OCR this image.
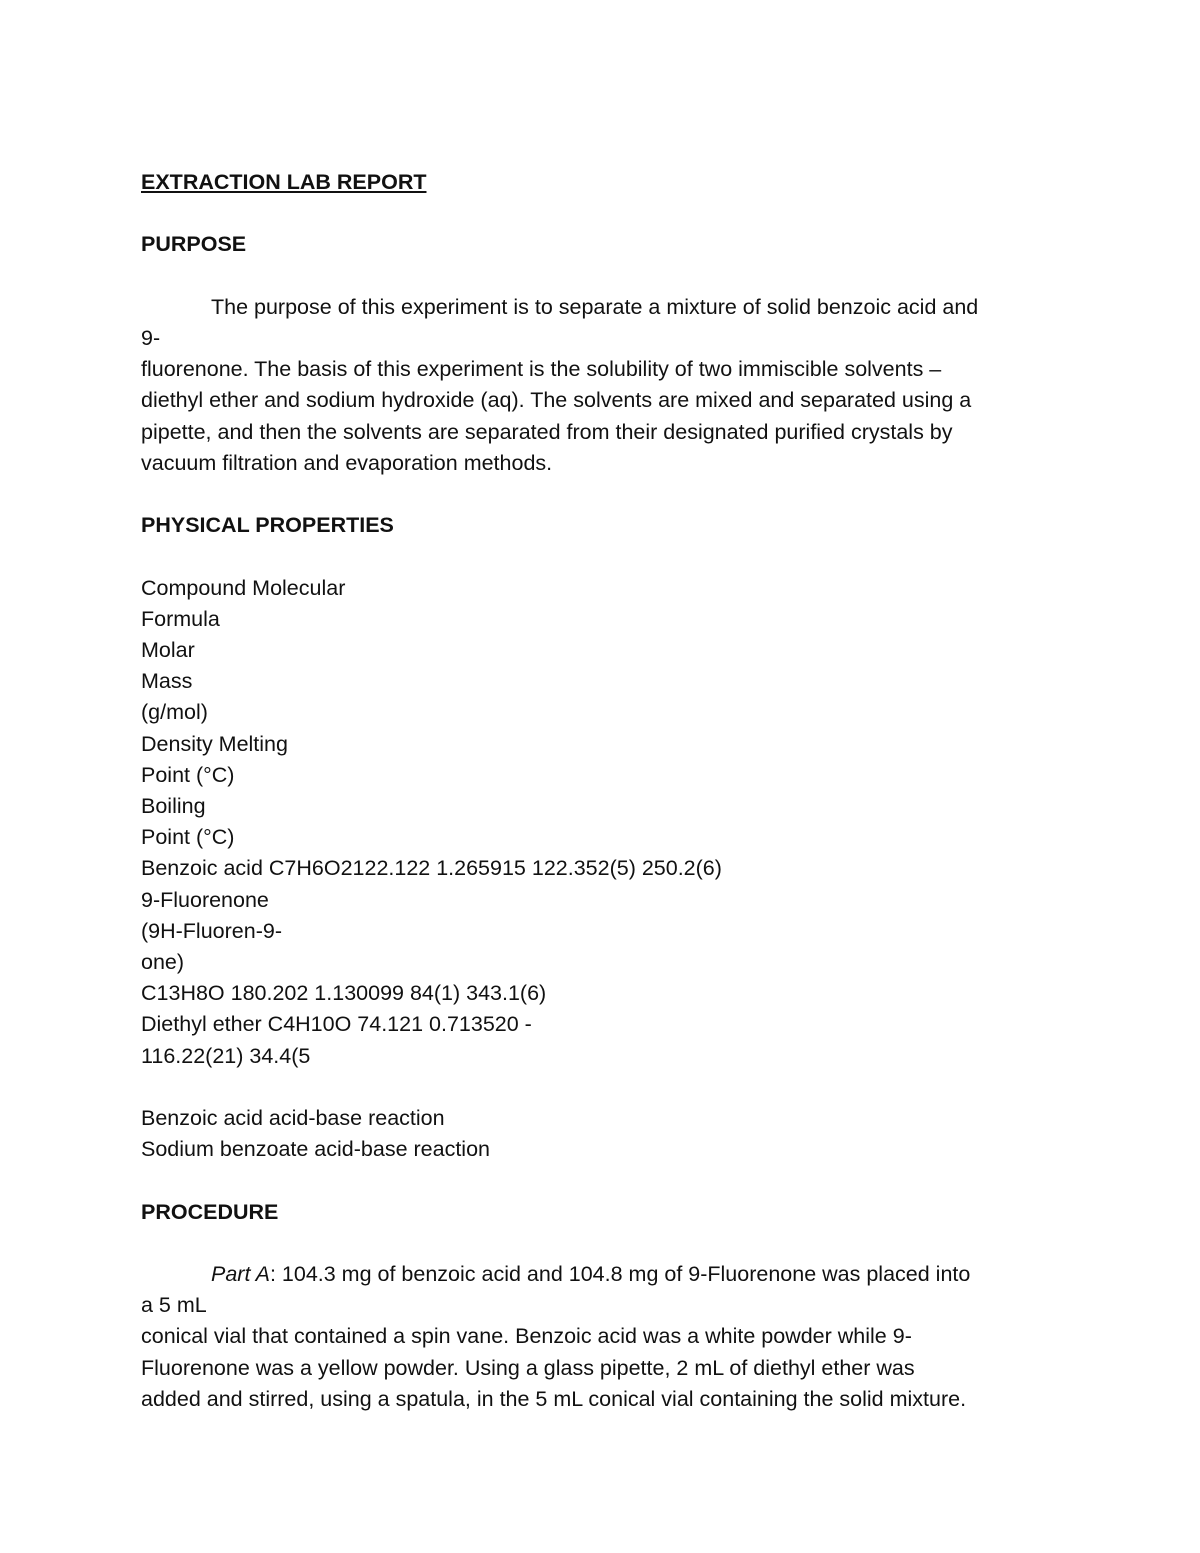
EXTRACTION LAB REPORT
PURPOSE
The purpose of this experiment is to separate a mixture of solid benzoic acid and
9-
fluorenone. The basis of this experiment is the solubility of two immiscible solvents –
diethyl ether and sodium hydroxide (aq). The solvents are mixed and separated using a
pipette, and then the solvents are separated from their designated purified crystals by
vacuum filtration and evaporation methods.
PHYSICAL PROPERTIES
Compound Molecular
Formula
Molar
Mass
(g/mol)
Density Melting
Point (°C)
Boiling
Point (°C)
Benzoic acid C7H6O2122.122 1.265915 122.352(5) 250.2(6)
9-Fluorenone
(9H-Fluoren-9-
one)
C13H8O 180.202 1.130099 84(1) 343.1(6)
Diethyl ether C4H10O 74.121 0.713520 -
116.22(21) 34.4(5
Benzoic acid acid-base reaction
Sodium benzoate acid-base reaction
PROCEDURE
Part A: 104.3 mg of benzoic acid and 104.8 mg of 9-Fluorenone was placed into
a 5 mL
conical vial that contained a spin vane. Benzoic acid was a white powder while 9-
Fluorenone was a yellow powder. Using a glass pipette, 2 mL of diethyl ether was
added and stirred, using a spatula, in the 5 mL conical vial containing the solid mixture.
